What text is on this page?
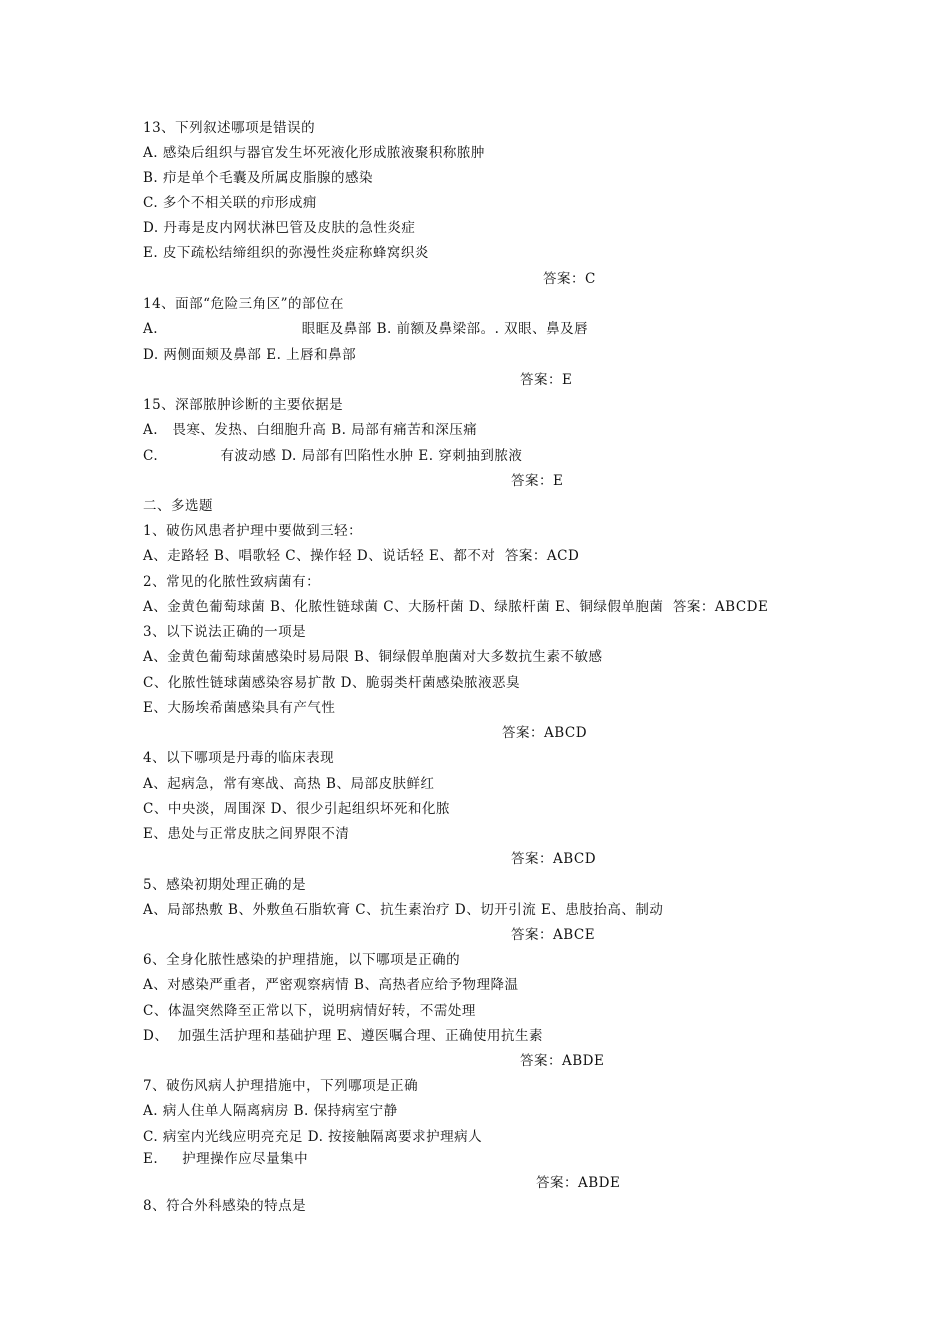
13、下列叙述哪项是错误的
A. 感染后组织与器官发生坏死液化形成脓液聚积称脓肿
B. 疖是单个毛囊及所属皮脂腺的感染
C. 多个不相关联的疖形成痈
D. 丹毒是皮内网状淋巴管及皮肤的急性炎症
E. 皮下疏松结缔组织的弥漫性炎症称蜂窝织炎
答案：C
14、面部“危险三角区”的部位在
A.                              眼眶及鼻部 B. 前额及鼻梁部。. 双眼、鼻及唇
D. 两侧面颊及鼻部 E. 上唇和鼻部
答案：E
15、深部脓肿诊断的主要依据是
A.   畏寒、发热、白细胞升高 B. 局部有痛苦和深压痛
C.             有波动感 D. 局部有凹陷性水肿 E. 穿刺抽到脓液
答案：E
二、多选题
1、破伤风患者护理中要做到三轻：
A、走路轻 B、唱歌轻 C、操作轻 D、说话轻 E、都不对  答案：ACD
2、常见的化脓性致病菌有：
A、金黄色葡萄球菌 B、化脓性链球菌 C、大肠杆菌 D、绿脓杆菌 E、铜绿假单胞菌  答案：ABCDE
3、以下说法正确的一项是
A、金黄色葡萄球菌感染时易局限 B、铜绿假单胞菌对大多数抗生素不敏感
C、化脓性链球菌感染容易扩散 D、脆弱类杆菌感染脓液恶臭
E、大肠埃希菌感染具有产气性
答案：ABCD
4、以下哪项是丹毒的临床表现
A、起病急，常有寒战、高热 B、局部皮肤鲜红
C、中央淡，周围深 D、很少引起组织坏死和化脓
E、患处与正常皮肤之间界限不清
答案：ABCD
5、感染初期处理正确的是
A、局部热敷 B、外敷鱼石脂软膏 C、抗生素治疗 D、切开引流 E、患肢抬高、制动
答案：ABCE
6、全身化脓性感染的护理措施，以下哪项是正确的
A、对感染严重者，严密观察病情 B、高热者应给予物理降温
C、体温突然降至正常以下，说明病情好转，不需处理
D、  加强生活护理和基础护理 E、遵医嘱合理、正确使用抗生素
答案：ABDE
7、破伤风病人护理措施中，下列哪项是正确
A. 病人住单人隔离病房 B. 保持病室宁静
C. 病室内光线应明亮充足 D. 按接触隔离要求护理病人
E.     护理操作应尽量集中
答案：ABDE
8、符合外科感染的特点是
